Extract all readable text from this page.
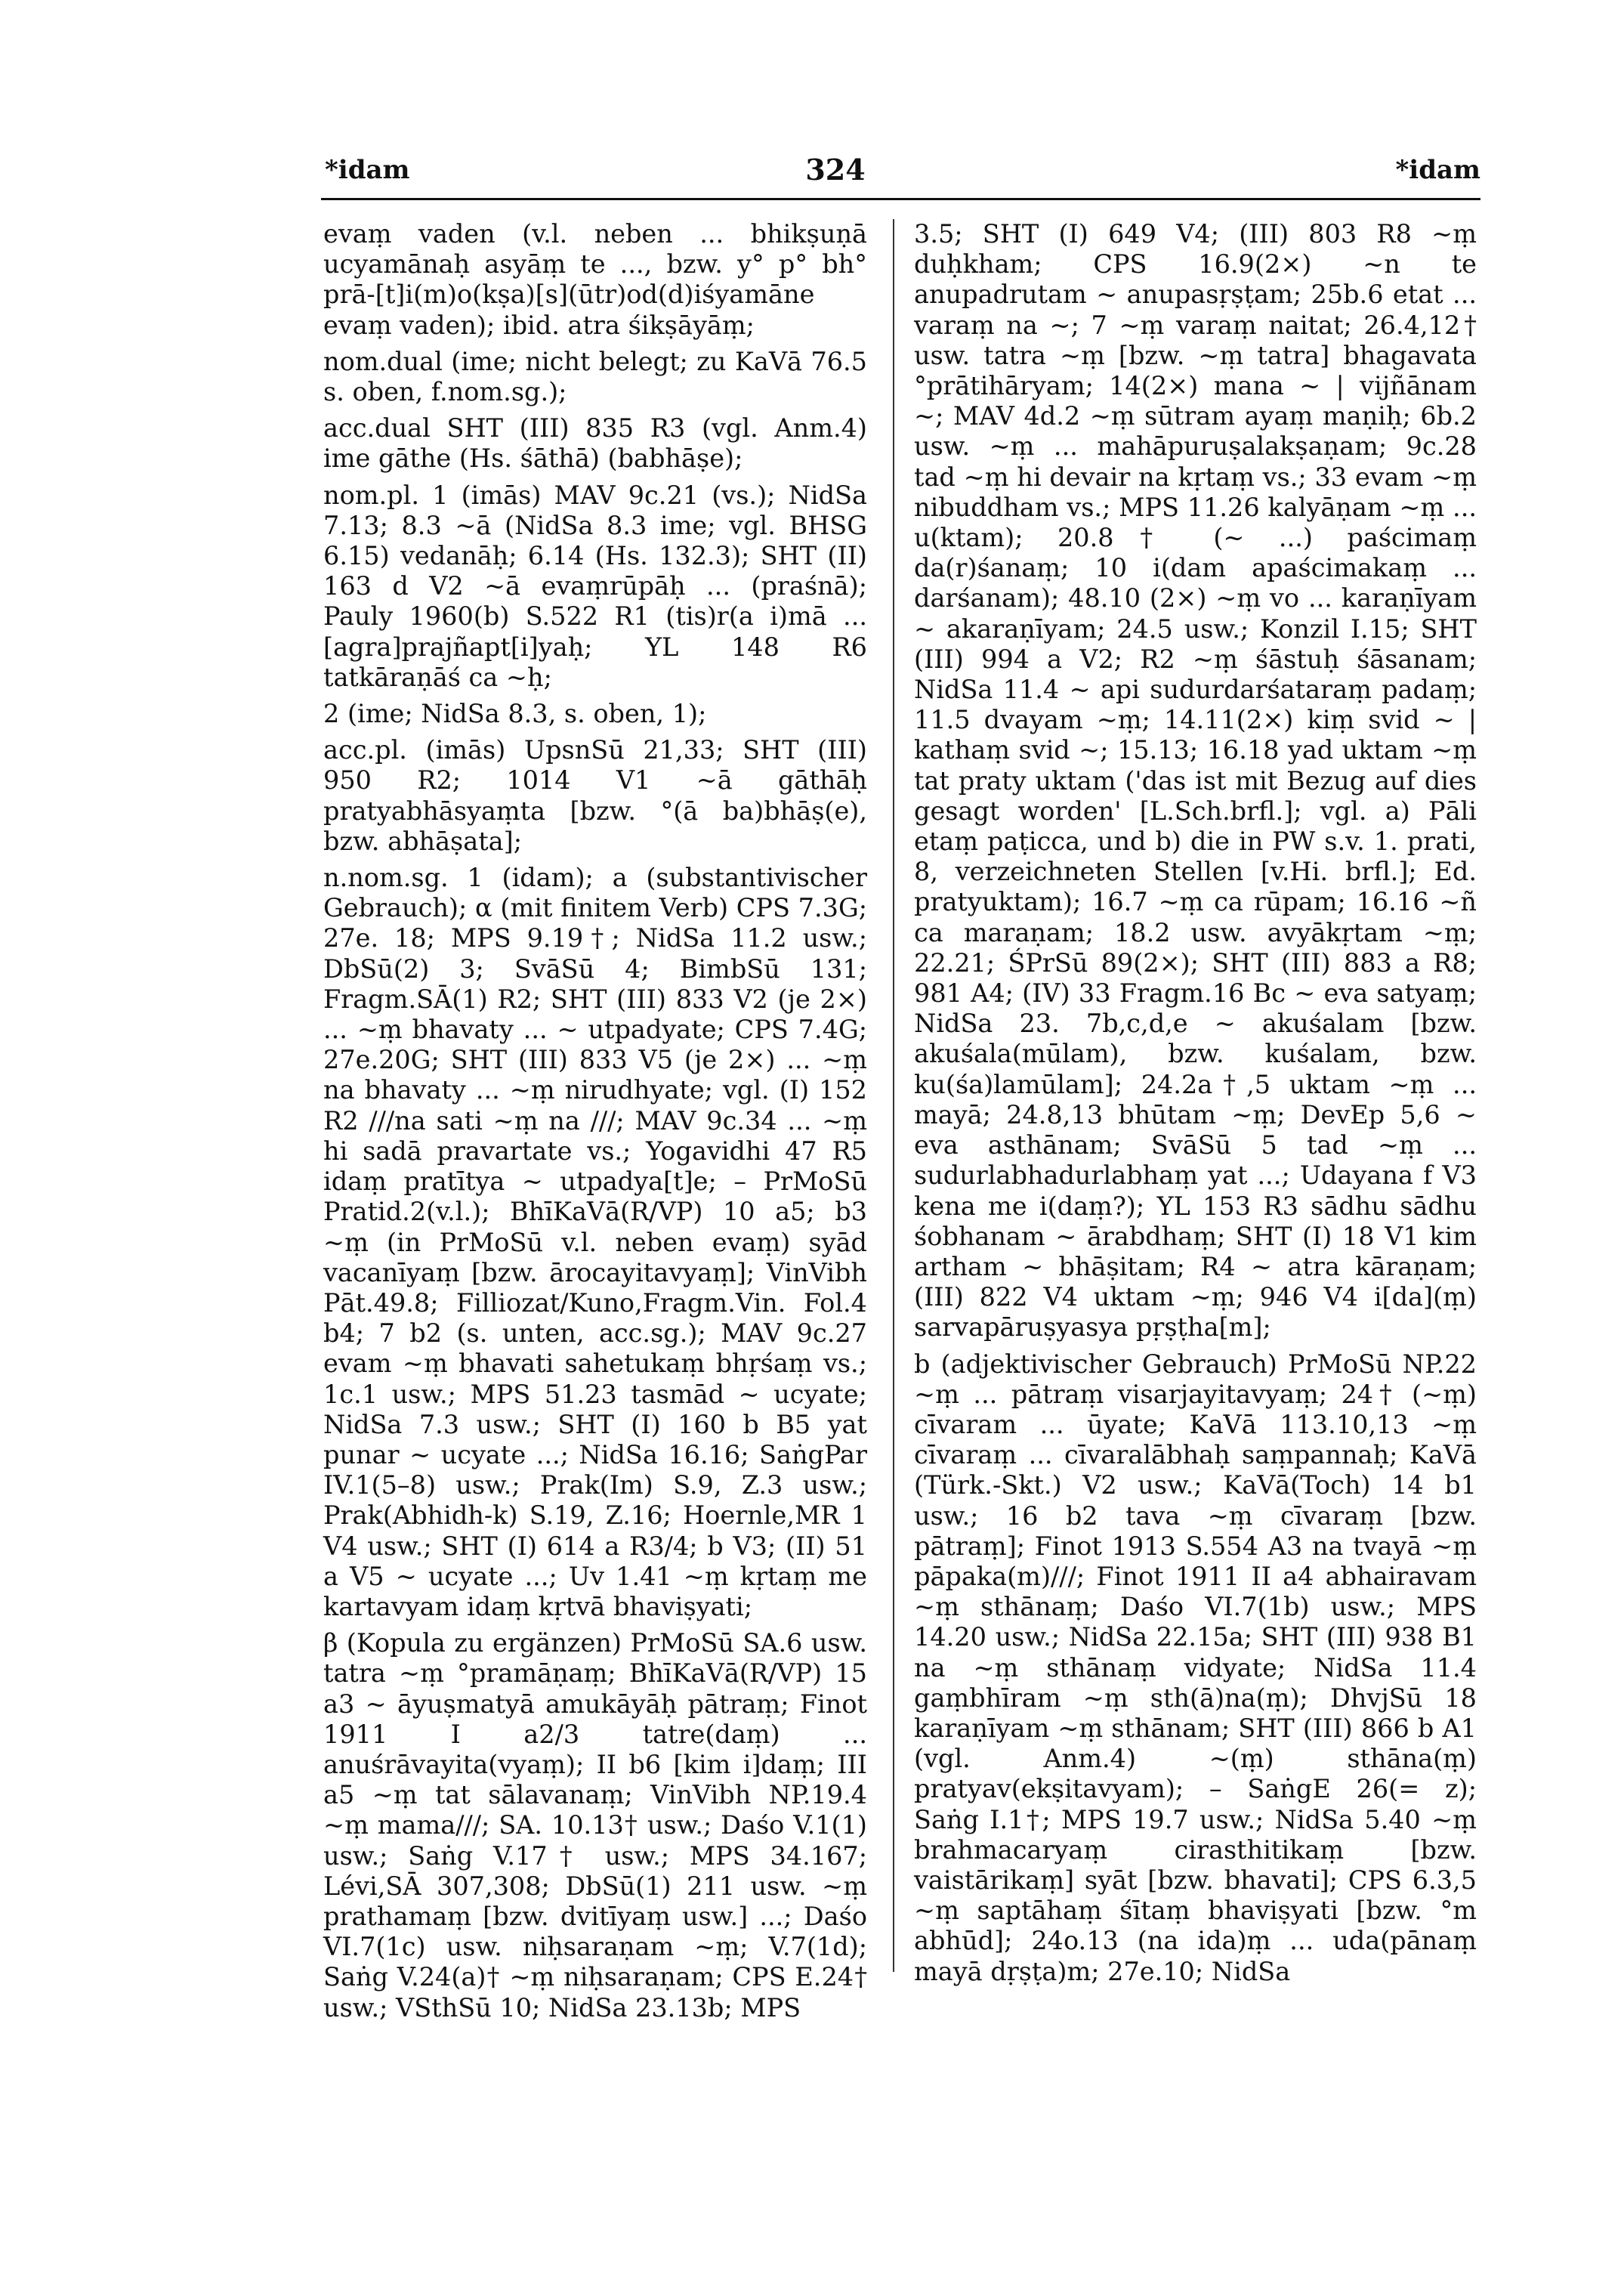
*idam	324	*idam

evaṃ vaden (v.l. neben ... bhikṣuṇā ucyamānaḥ asyāṃ te ..., bzw. y° p° bh° prā-[t]i(m)o(kṣa)[s](ūtr)od(d)iśyamāne evaṃ vaden); ibid. atra śikṣāyāṃ;

nom.dual (ime; nicht belegt; zu KaVā 76.5 s. oben, f.nom.sg.);

acc.dual SHT (III) 835 R3 (vgl. Anm.4) ime gāthe (Hs. śāthā) (babhāṣe);

nom.pl. 1 (imās) MAV 9c.21 (vs.); NidSa 7.13; 8.3 ~ā (NidSa 8.3 ime; vgl. BHSG 6.15) vedanāḥ; 6.14 (Hs. 132.3); SHT (II) 163 d V2 ~ā evaṃrūpāḥ ... (praśnā); Pauly 1960(b) S.522 R1 (tis)r(a i)mā ... [agra]prajñapt[i]yaḥ; YL 148 R6 tatkāraṇāś ca ~ḥ;

2 (ime; NidSa 8.3, s. oben, 1);

acc.pl. (imās) UpsnSū 21,33; SHT (III) 950 R2; 1014 V1 ~ā gāthāḥ pratyabhāsyaṃta [bzw. °(ā ba)bhāṣ(e), bzw. abhāṣata];

n.nom.sg. 1 (idam); a (substantivischer Gebrauch); α (mit finitem Verb) CPS 7.3G; 27e. 18; MPS 9.19†; NidSa 11.2 usw.; DbSū(2) 3; SvāSū 4; BimbSū 131; Fragm.SĀ(1) R2; SHT (III) 833 V2 (je 2×) ... ~ṃ bhavaty ... ~ utpadyate; CPS 7.4G; 27e.20G; SHT (III) 833 V5 (je 2×) ... ~ṃ na bhavaty ... ~ṃ nirudhyate; vgl. (I) 152 R2 ///na sati ~ṃ na ///; MAV 9c.34 ... ~ṃ hi sadā pravartate vs.; Yogavidhi 47 R5 idaṃ pratītya ~ utpadya[t]e; – PrMoSū Pratid.2(v.l.); BhīKaVā(R/VP) 10 a5; b3 ~ṃ (in PrMoSū v.l. neben evaṃ) syād vacanīyaṃ [bzw. ārocayitavyaṃ]; VinVibh Pāt.49.8; Filliozat/Kuno,Fragm.Vin. Fol.4 b4; 7 b2 (s. unten, acc.sg.); MAV 9c.27 evam ~ṃ bhavati sahetukaṃ bhṛśaṃ vs.; 1c.1 usw.; MPS 51.23 tasmād ~ ucyate; NidSa 7.3 usw.; SHT (I) 160 b B5 yat punar ~ ucyate ...; NidSa 16.16; SaṅgPar IV.1(5–8) usw.; Prak(Im) S.9, Z.3 usw.; Prak(Abhidh-k) S.19, Z.16; Hoernle,MR 1 V4 usw.; SHT (I) 614 a R3/4; b V3; (II) 51 a V5 ~ ucyate ...; Uv 1.41 ~ṃ kṛtaṃ me kartavyam idaṃ kṛtvā bhaviṣyati;

β (Kopula zu ergänzen) PrMoSū SA.6 usw. tatra ~ṃ °pramāṇaṃ; BhīKaVā(R/VP) 15 a3 ~ āyuṣmatyā amukāyāḥ pātraṃ; Finot 1911 I a2/3 tatre(daṃ) ... anuśrāvayita(vyaṃ); II b6 [kim i]daṃ; III a5 ~ṃ tat sālavanaṃ; VinVibh NP.19.4 ~ṃ mama///; SA. 10.13† usw.; Daśo V.1(1) usw.; Saṅg V.17† usw.; MPS 34.167; Lévi,SĀ 307,308; DbSū(1) 211 usw. ~ṃ prathamaṃ [bzw. dvitīyaṃ usw.] ...; Daśo VI.7(1c) usw. niḥsaraṇam ~ṃ; V.7(1d); Saṅg V.24(a)† ~ṃ niḥsaraṇam; CPS E.24† usw.; VSthSū 10; NidSa 23.13b; MPS

3.5; SHT (I) 649 V4; (III) 803 R8 ~ṃ duḥkham; CPS 16.9(2×) ~n te anupadrutam ~ anupasṛṣṭam; 25b.6 etat ... varaṃ na ~; 7 ~ṃ varaṃ naitat; 26.4,12† usw. tatra ~ṃ [bzw. ~ṃ tatra] bhagavata °prātihāryam; 14(2×) mana ~ | vijñānam ~; MAV 4d.2 ~ṃ sūtram ayaṃ maṇiḥ; 6b.2 usw. ~ṃ ... mahāpuruṣalakṣaṇam; 9c.28 tad ~ṃ hi devair na kṛtaṃ vs.; 33 evam ~ṃ nibuddham vs.; MPS 11.26 kalyāṇam ~ṃ ... u(ktam); 20.8† (~ ...) paścimaṃ da(r)śanaṃ; 10 i(dam apaścimakaṃ ... darśanam); 48.10 (2×) ~ṃ vo ... karaṇīyam ~ akaraṇīyam; 24.5 usw.; Konzil I.15; SHT (III) 994 a V2; R2 ~ṃ śāstuḥ śāsanam; NidSa 11.4 ~ api sudurdarśataraṃ padaṃ; 11.5 dvayam ~ṃ; 14.11(2×) kiṃ svid ~ | kathaṃ svid ~; 15.13; 16.18 yad uktam ~ṃ tat praty uktam ('das ist mit Bezug auf dies gesagt worden' [L.Sch.brfl.]; vgl. a) Pāli etaṃ paṭicca, und b) die in PW s.v. 1. prati, 8, verzeichneten Stellen [v.Hi. brfl.]; Ed. pratyuktam); 16.7 ~ṃ ca rūpam; 16.16 ~ñ ca maraṇam; 18.2 usw. avyākṛtam ~ṃ; 22.21; ŚPrSū 89(2×); SHT (III) 883 a R8; 981 A4; (IV) 33 Fragm.16 Bc ~ eva satyaṃ; NidSa 23. 7b,c,d,e ~ akuśalam [bzw. akuśala(mūlam), bzw. kuśalam, bzw. ku(śa)lamūlam]; 24.2a†,5 uktam ~ṃ ... mayā; 24.8,13 bhūtam ~ṃ; DevEp 5,6 ~ eva asthānam; SvāSū 5 tad ~ṃ ... sudurlabhadurlabhaṃ yat ...; Udayana f V3 kena me i(daṃ?); YL 153 R3 sādhu sādhu śobhanam ~ ārabdhaṃ; SHT (I) 18 V1 kim artham ~ bhāṣitam; R4 ~ atra kāraṇam; (III) 822 V4 uktam ~ṃ; 946 V4 i[da](ṃ) sarvapāruṣyasya pṛṣṭha[m];

b (adjektivischer Gebrauch) PrMoSū NP.22 ~ṃ ... pātraṃ visarjayitavyaṃ; 24† (~ṃ) cīvaram ... ūyate; KaVā 113.10,13 ~ṃ cīvaraṃ ... cīvaralābhaḥ saṃpannaḥ; KaVā (Türk.-Skt.) V2 usw.; KaVā(Toch) 14 b1 usw.; 16 b2 tava ~ṃ cīvaraṃ [bzw. pātraṃ]; Finot 1913 S.554 A3 na tvayā ~ṃ pāpaka(m)///; Finot 1911 II a4 abhairavam ~ṃ sthānaṃ; Daśo VI.7(1b) usw.; MPS 14.20 usw.; NidSa 22.15a; SHT (III) 938 B1 na ~ṃ sthānaṃ vidyate; NidSa 11.4 gaṃbhīram ~ṃ sth(ā)na(ṃ); DhvjSū 18 karaṇīyam ~ṃ sthānam; SHT (III) 866 b A1 (vgl. Anm.4) ~(ṃ) sthāna(ṃ) pratyav(ekṣitavyam); – SaṅgE 26(= z); Saṅg I.1†; MPS 19.7 usw.; NidSa 5.40 ~ṃ brahmacaryaṃ cirasthitikaṃ [bzw. vaistārikaṃ] syāt [bzw. bhavati]; CPS 6.3,5 ~ṃ saptāhaṃ śītaṃ bhaviṣyati [bzw. °m abhūd]; 24o.13 (na ida)ṃ ... uda(pānaṃ mayā dṛṣṭa)m; 27e.10; NidSa
